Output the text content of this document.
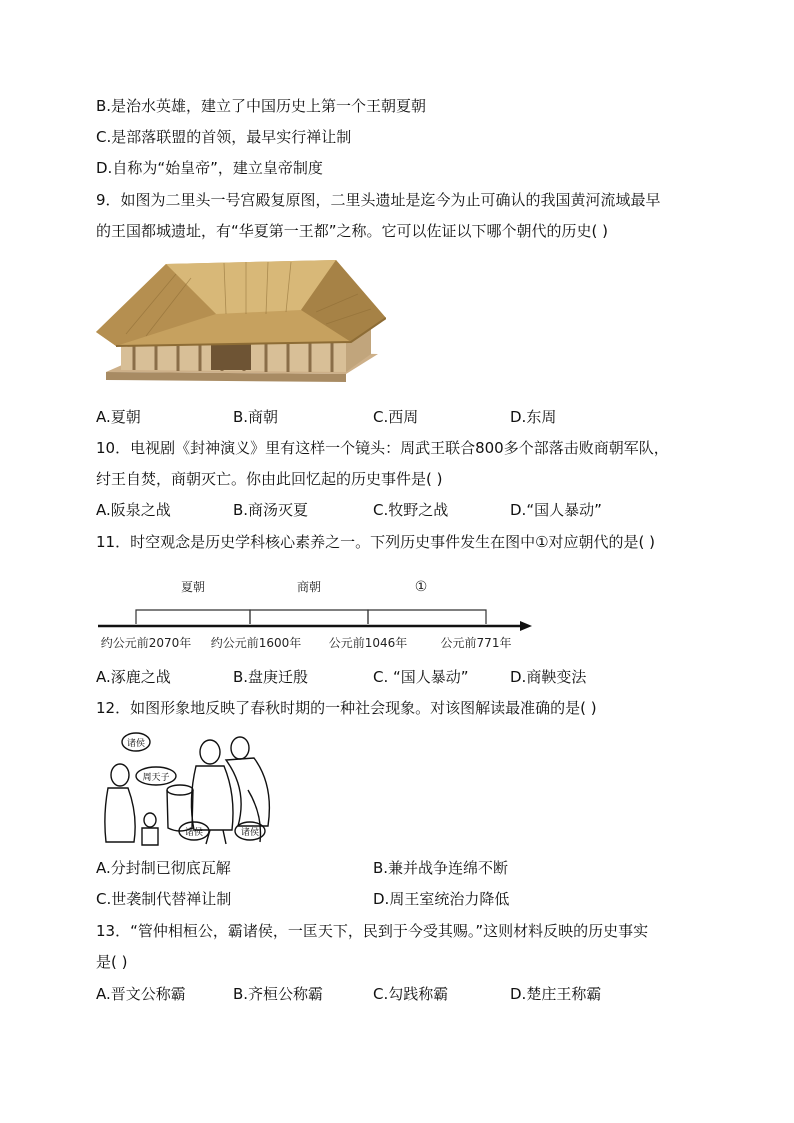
B.是治水英雄，建立了中国历史上第一个王朝夏朝
C.是部落联盟的首领，最早实行禅让制
D.自称为“始皇帝”，建立皇帝制度
9．如图为二里头一号宫殿复原图，二里头遗址是迄今为止可确认的我国黄河流域最早
的王国都城遗址，有“华夏第一王都”之称。它可以佐证以下哪个朝代的历史( )
A.夏朝	B.商朝	C.西周	D.东周
10．电视剧《封神演义》里有这样一个镜头：周武王联合800多个部落击败商朝军队，
纣王自焚，商朝灭亡。你由此回忆起的历史事件是( )
A.阪泉之战	B.商汤灭夏	C.牧野之战	D.“国人暴动”
11．时空观念是历史学科核心素养之一。下列历史事件发生在图中①对应朝代的是( )
夏朝	商朝	①
约公元前2070年 约公元前1600年 公元前1046年	公元前771年
A.涿鹿之战	B.盘庚迁殷	C. “国人暴动”	D.商鞅变法
12．如图形象地反映了春秋时期的一种社会现象。对该图解读最准确的是( )
诸侯
周天子
诸侯	诸侯
A.分封制已彻底瓦解	B.兼并战争连绵不断
C.世袭制代替禅让制	D.周王室统治力降低
13．“管仲相桓公，霸诸侯，一匡天下，民到于今受其赐。”这则材料反映的历史事实
是( )
A.晋文公称霸	B.齐桓公称霸	C.勾践称霸	D.楚庄王称霸
